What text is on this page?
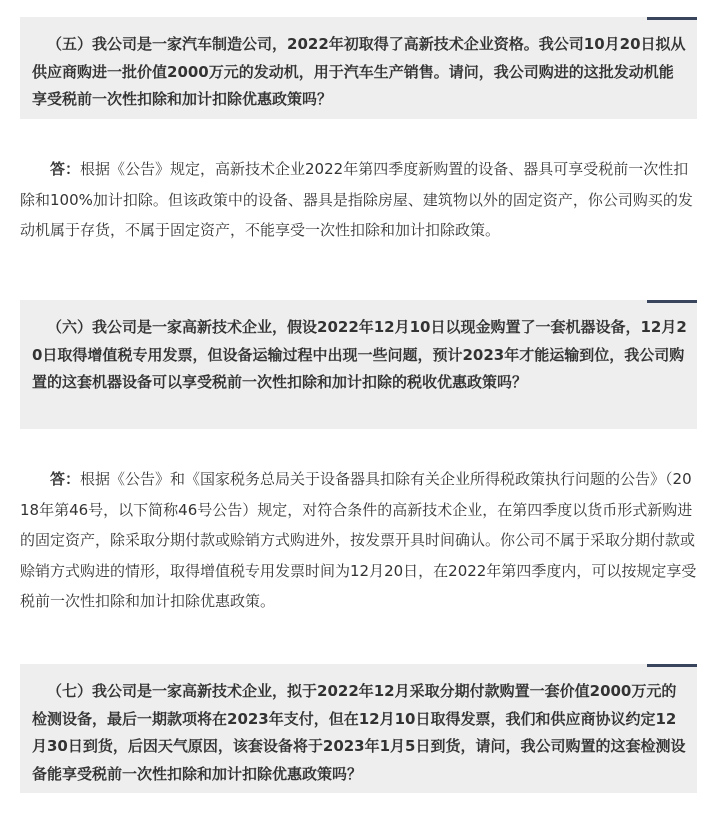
（五）我公司是一家汽车制造公司，2022年初取得了高新技术企业资格。我公司10月20日拟从供应商购进一批价值2000万元的发动机，用于汽车生产销售。请问，我公司购进的这批发动机能享受税前一次性扣除和加计扣除优惠政策吗？

答：根据《公告》规定，高新技术企业2022年第四季度新购置的设备、器具可享受税前一次性扣除和100%加计扣除。但该政策中的设备、器具是指除房屋、建筑物以外的固定资产，你公司购买的发动机属于存货，不属于固定资产，不能享受一次性扣除和加计扣除政策。

（六）我公司是一家高新技术企业，假设2022年12月10日以现金购置了一套机器设备，12月20日取得增值税专用发票，但设备运输过程中出现一些问题，预计2023年才能运输到位，我公司购置的这套机器设备可以享受税前一次性扣除和加计扣除的税收优惠政策吗？

答：根据《公告》和《国家税务总局关于设备器具扣除有关企业所得税政策执行问题的公告》（2018年第46号，以下简称46号公告）规定，对符合条件的高新技术企业，在第四季度以货币形式新购进的固定资产，除采取分期付款或赊销方式购进外，按发票开具时间确认。你公司不属于采取分期付款或赊销方式购进的情形，取得增值税专用发票时间为12月20日，在2022年第四季度内，可以按规定享受税前一次性扣除和加计扣除优惠政策。

（七）我公司是一家高新技术企业，拟于2022年12月采取分期付款购置一套价值2000万元的检测设备，最后一期款项将在2023年支付，但在12月10日取得发票，我们和供应商协议约定12月30日到货，后因天气原因，该套设备将于2023年1月5日到货，请问，我公司购置的这套检测设备能享受税前一次性扣除和加计扣除优惠政策吗？
